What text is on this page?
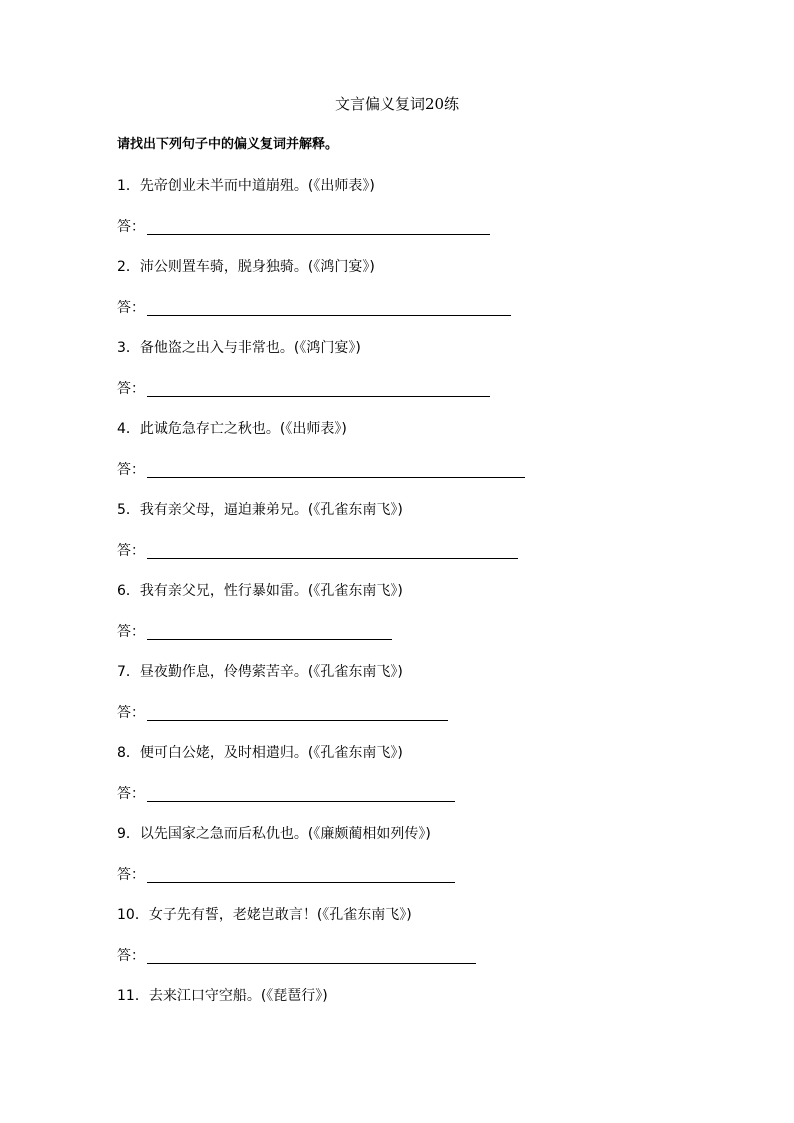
文言偏义复词20练
请找出下列句子中的偏义复词并解释。
1．先帝创业未半而中道崩殂。(《出师表》)
答：
2．沛公则置车骑，脱身独骑。(《鸿门宴》)
答：
3．备他盗之出入与非常也。(《鸿门宴》)
答：
4．此诚危急存亡之秋也。(《出师表》)
答：
5．我有亲父母，逼迫兼弟兄。(《孔雀东南飞》)
答：
6．我有亲父兄，性行暴如雷。(《孔雀东南飞》)
答：
7．昼夜勤作息，伶俜萦苦辛。(《孔雀东南飞》)
答：
8．便可白公姥，及时相遣归。(《孔雀东南飞》)
答：
9．以先国家之急而后私仇也。(《廉颇蔺相如列传》)
答：
10．女子先有誓，老姥岂敢言！(《孔雀东南飞》)
答：
11．去来江口守空船。(《琵琶行》)
